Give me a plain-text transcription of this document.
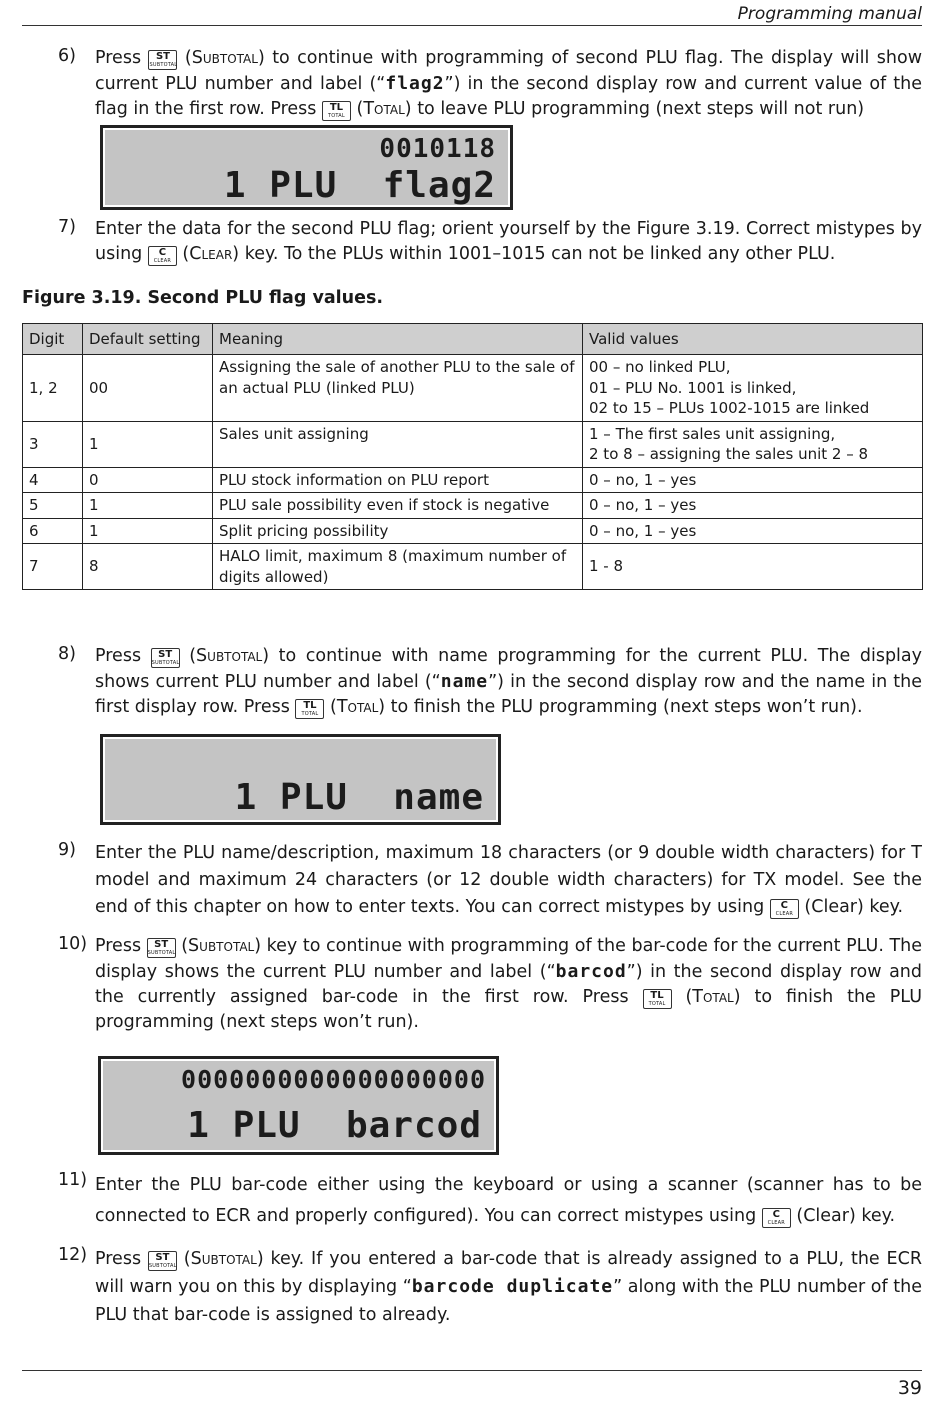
Programming manual
6) Press	ST
SUBTOTAL (Subtotal) to continue with programming of second PLU flag. The display will show current PLU number and label (“flag2”) in the second display row and current value of the flag in the first row. Press	TL
TOTAL (Total) to leave PLU programming (next steps will not run)
0010118
1 PLU  flag2
7) Enter the data for the second PLU flag; orient yourself by the Figure 3.19. Correct mistypes by using	C
CLEAR (Clear) key. To the PLUs within 1001–1015 can not be linked any other PLU.
Figure 3.19. Second PLU flag values.
Digit	Default setting	Meaning	Valid values
1, 2	00	Assigning the sale of another PLU to the sale of an actual PLU (linked PLU)	00 – no linked PLU,
01 – PLU No. 1001 is linked,
02 to 15 – PLUs 1002-1015 are linked

3	1	Sales unit assigning	1 – The first sales unit assigning,
2 to 8 – assigning the sales unit 2 – 8

4	0	PLU stock information on PLU report	0 – no, 1 – yes

5	1	PLU sale possibility even if stock is negative	0 – no, 1 – yes

6	1	Split pricing possibility	0 – no, 1 – yes

7	8	HALO limit, maximum 8 (maximum number of digits allowed)	1 - 8
8) Press	ST
SUBTOTAL (Subtotal) to continue with name programming for the current PLU. The display shows current PLU number and label (“name”) in the second display row and the name in the first display row. Press	TL
TOTAL (Total) to finish the PLU programming (next steps won’t run).
1 PLU  name
9) Enter the PLU name/description, maximum 18 characters (or 9 double width characters) for T model and maximum 24 characters (or 12 double width characters) for TX model. See the end of this chapter on how to enter texts. You can correct mistypes by using	C
CLEAR (Clear) key.
10) Press	ST
SUBTOTAL (Subtotal) key to continue with programming of the bar-code for the current PLU. The display shows the current PLU number and label (“barcod”) in the second display row and the currently assigned bar-code in the first row. Press	TL
TOTAL (Total) to finish the PLU programming (next steps won’t run).
0000000000000000000
1 PLU  barcod
11) Enter the PLU bar-code either using the keyboard or using a scanner (scanner has to be connected to ECR and properly configured). You can correct mistypes using	C
CLEAR (Clear) key.
12) Press	ST
SUBTOTAL (Subtotal) key. If you entered a bar-code that is already assigned to a PLU, the ECR will warn you on this by displaying “barcode duplicate” along with the PLU number of the PLU that bar-code is assigned to already.
39
